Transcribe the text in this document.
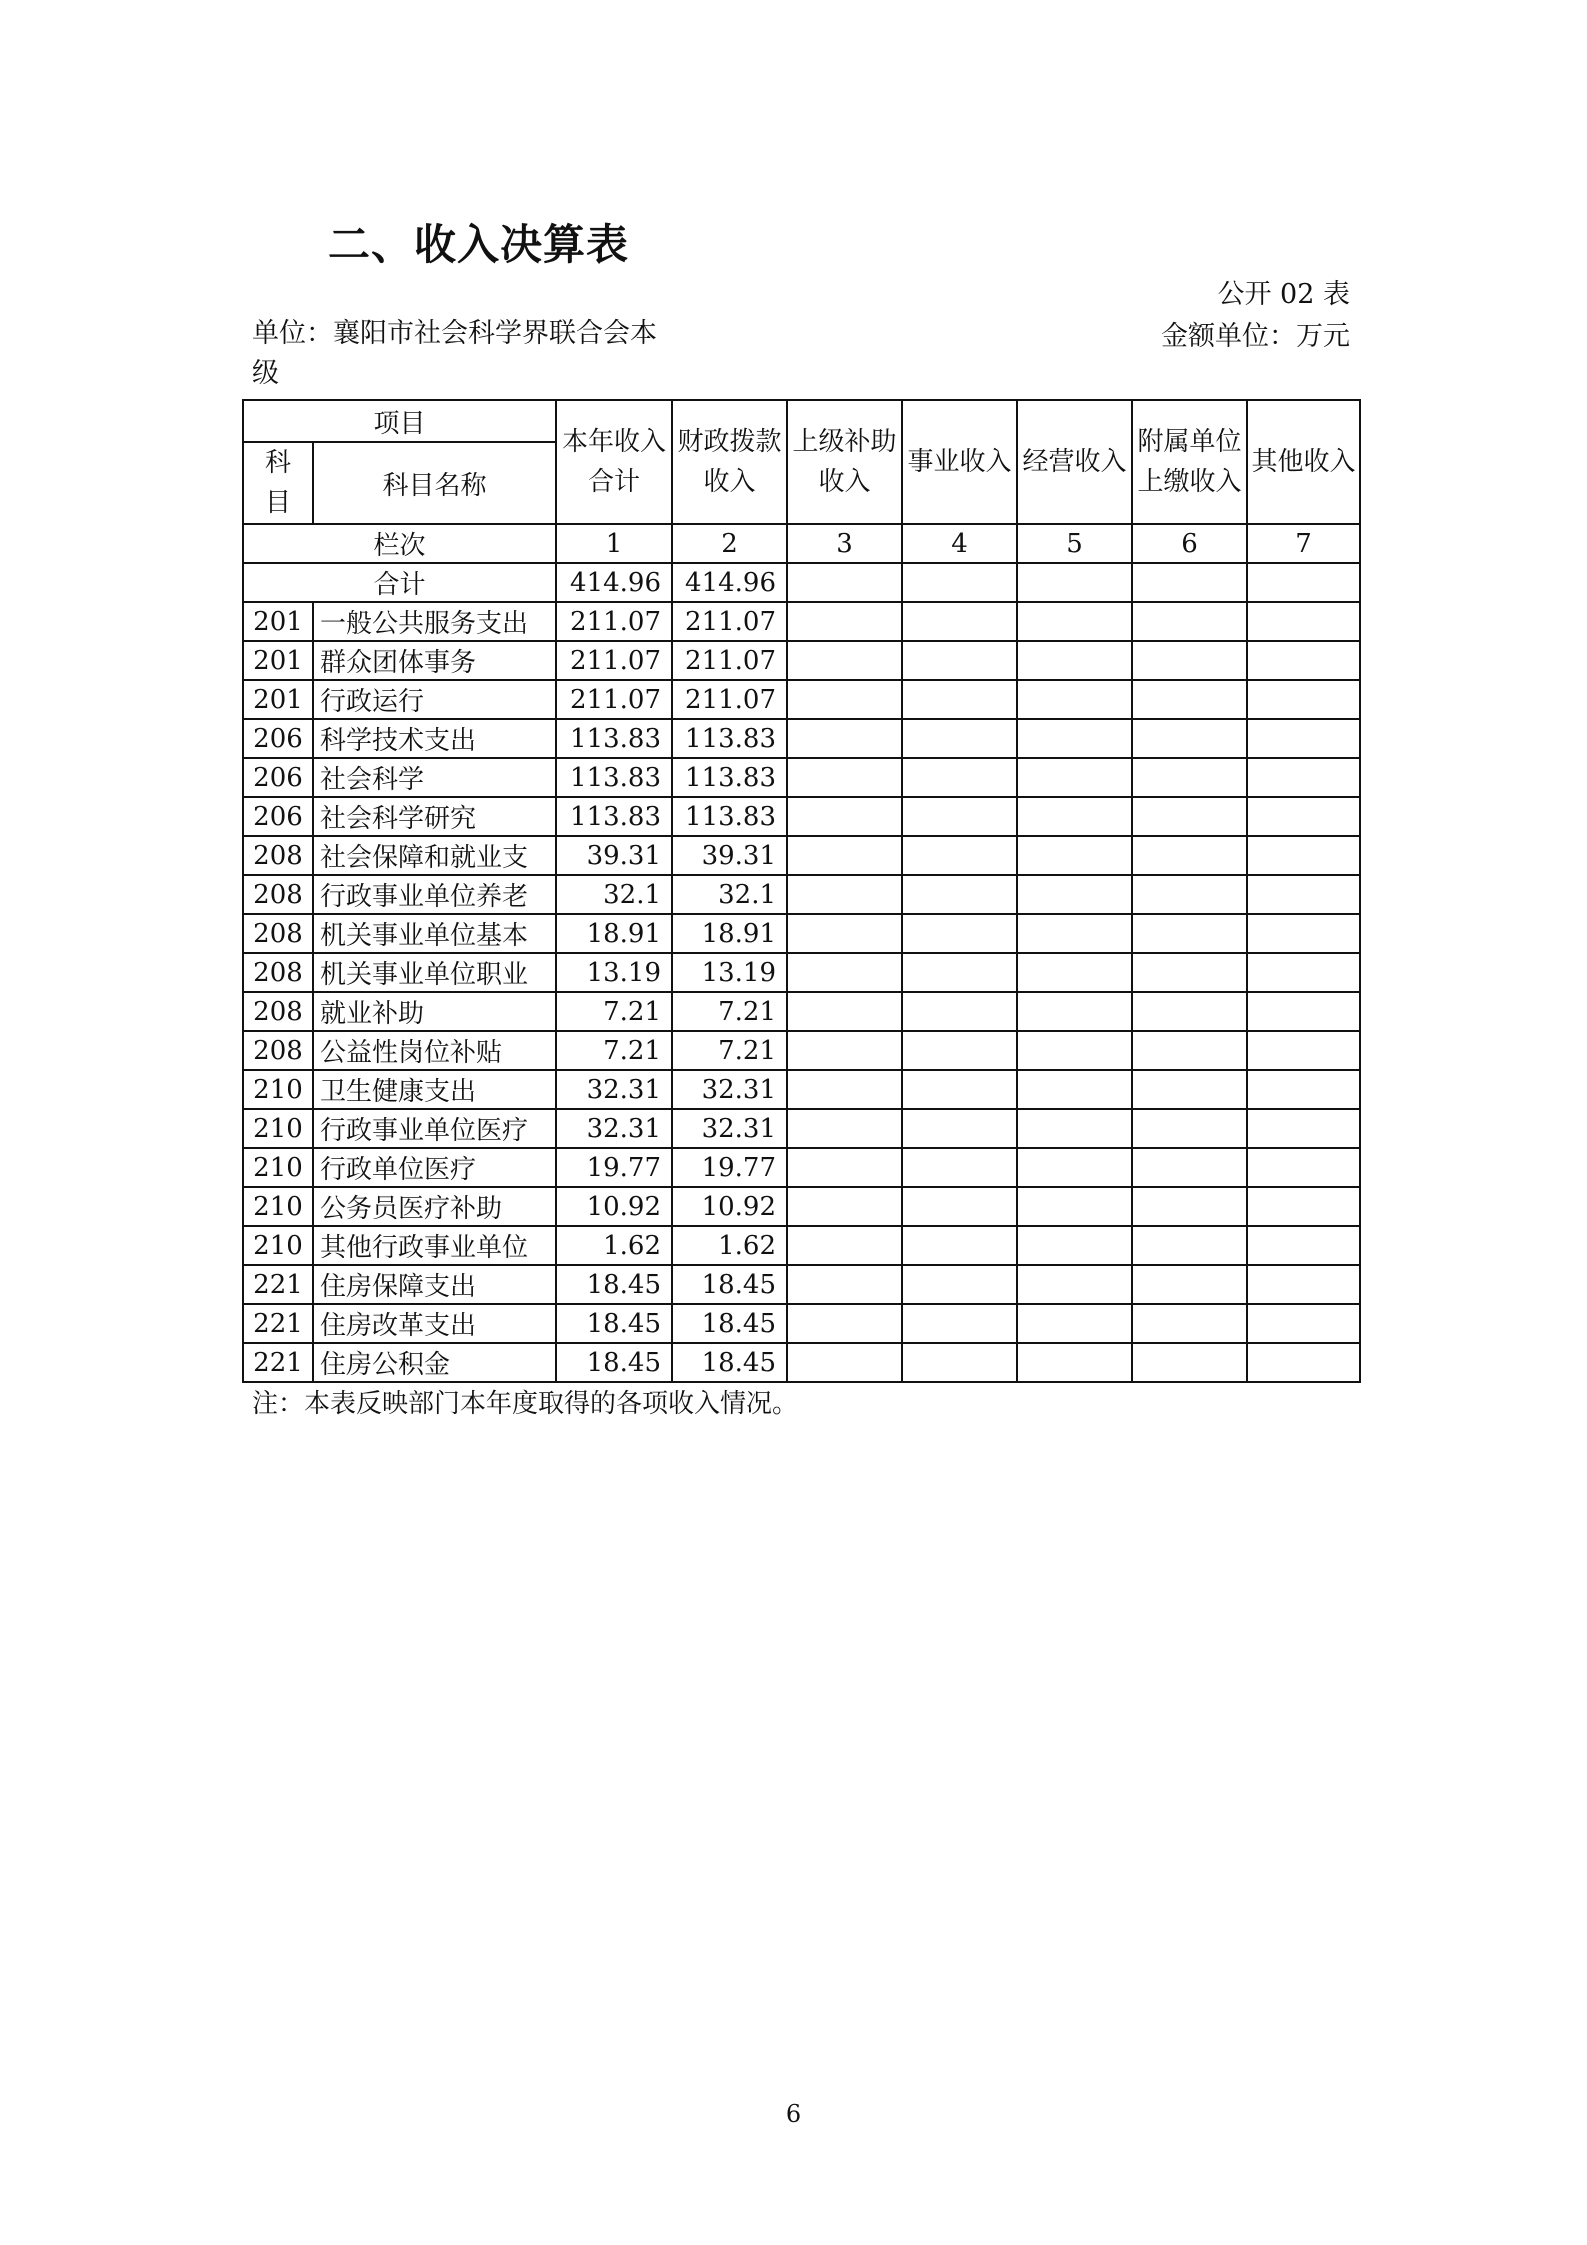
二、收入决算表
公开 02 表
单位：襄阳市社会科学界联合会本级
金额单位：万元
项目		本年收入合计	财政拨款收入	上级补助收入	事业收入	经营收入	附属单位上缴收入	其他收入
科目	科目名称							
栏次		1	2	3	4	5	6	7
合计		414.96	414.96					
201	一般公共服务支出	211.07	211.07					
201	群众团体事务	211.07	211.07					
201	行政运行	211.07	211.07					
206	科学技术支出	113.83	113.83					
206	社会科学	113.83	113.83					
206	社会科学研究	113.83	113.83					
208	社会保障和就业支	39.31	39.31					
208	行政事业单位养老	32.1	32.1					
208	机关事业单位基本	18.91	18.91					
208	机关事业单位职业	13.19	13.19					
208	就业补助	7.21	7.21					
208	公益性岗位补贴	7.21	7.21					
210	卫生健康支出	32.31	32.31					
210	行政事业单位医疗	32.31	32.31					
210	行政单位医疗	19.77	19.77					
210	公务员医疗补助	10.92	10.92					
210	其他行政事业单位	1.62	1.62					
221	住房保障支出	18.45	18.45					
221	住房改革支出	18.45	18.45					
221	住房公积金	18.45	18.45					
注：本表反映部门本年度取得的各项收入情况。
6
